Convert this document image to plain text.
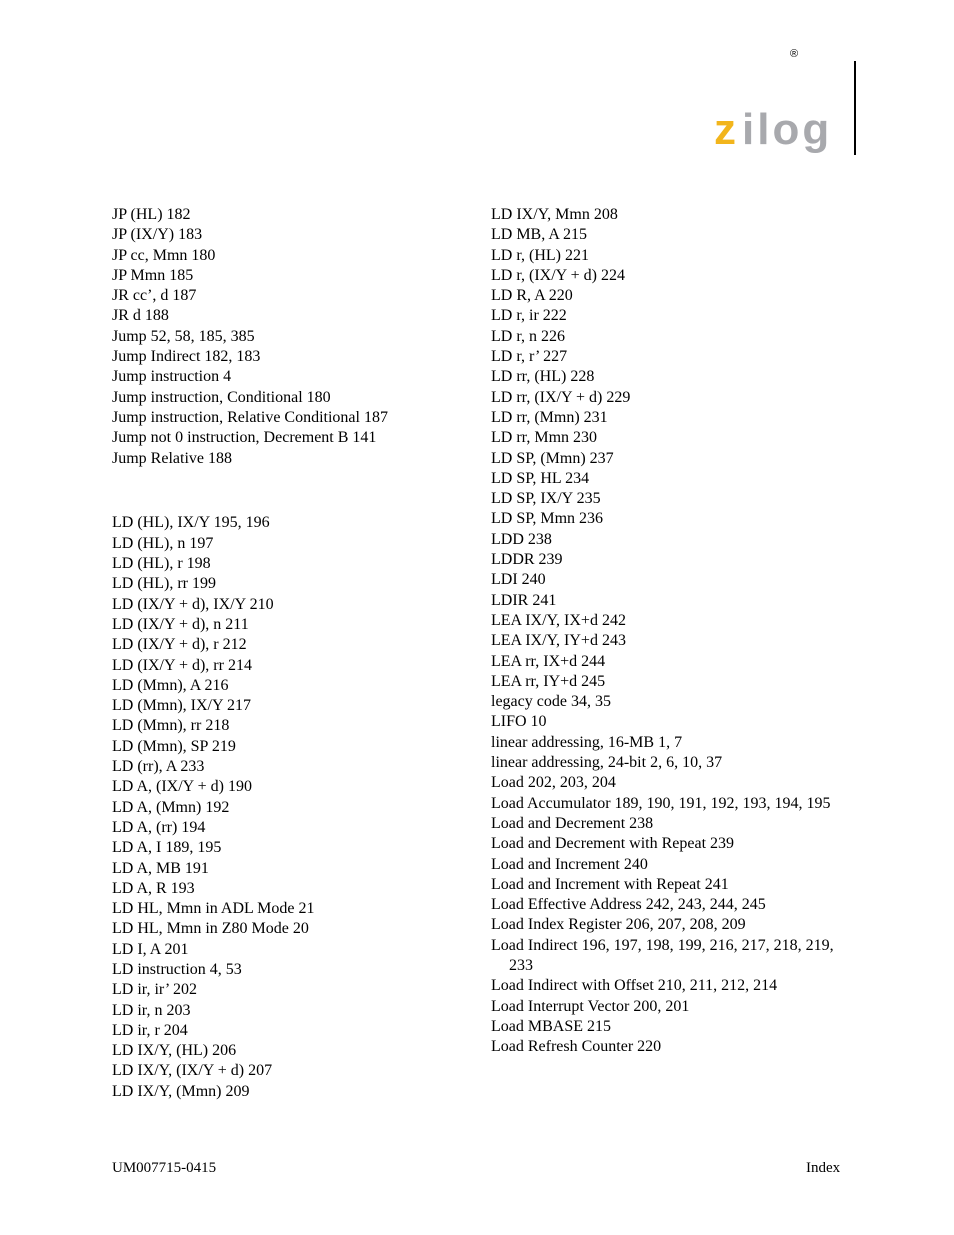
®
z ilog
JP (HL) 182
JP (IX/Y) 183
JP cc, Mmn 180
JP Mmn 185
JR cc’, d 187
JR d 188
Jump 52, 58, 185, 385
Jump Indirect 182, 183
Jump instruction 4
Jump instruction, Conditional 180
Jump instruction, Relative Conditional 187
Jump not 0 instruction, Decrement B 141
Jump Relative 188
LD (HL), IX/Y 195, 196
LD (HL), n 197
LD (HL), r 198
LD (HL), rr 199
LD (IX/Y + d), IX/Y 210
LD (IX/Y + d), n 211
LD (IX/Y + d), r 212
LD (IX/Y + d), rr 214
LD (Mmn), A 216
LD (Mmn), IX/Y 217
LD (Mmn), rr 218
LD (Mmn), SP 219
LD (rr), A 233
LD A, (IX/Y + d) 190
LD A, (Mmn) 192
LD A, (rr) 194
LD A, I 189, 195
LD A, MB 191
LD A, R 193
LD HL, Mmn in ADL Mode 21
LD HL, Mmn in Z80 Mode 20
LD I, A 201
LD instruction 4, 53
LD ir, ir’ 202
LD ir, n 203
LD ir, r 204
LD IX/Y, (HL) 206
LD IX/Y, (IX/Y + d) 207
LD IX/Y, (Mmn) 209
LD IX/Y, Mmn 208
LD MB, A 215
LD r, (HL) 221
LD r, (IX/Y + d) 224
LD R, A 220
LD r, ir 222
LD r, n 226
LD r, r’ 227
LD rr, (HL) 228
LD rr, (IX/Y + d) 229
LD rr, (Mmn) 231
LD rr, Mmn 230
LD SP, (Mmn) 237
LD SP, HL 234
LD SP, IX/Y 235
LD SP, Mmn 236
LDD 238
LDDR 239
LDI 240
LDIR 241
LEA IX/Y, IX+d 242
LEA IX/Y, IY+d 243
LEA rr, IX+d 244
LEA rr, IY+d 245
legacy code 34, 35
LIFO 10
linear addressing, 16-MB 1, 7
linear addressing, 24-bit 2, 6, 10, 37
Load 202, 203, 204
Load Accumulator 189, 190, 191, 192, 193, 194, 195
Load and Decrement 238
Load and Decrement with Repeat 239
Load and Increment 240
Load and Increment with Repeat 241
Load Effective Address 242, 243, 244, 245
Load Index Register 206, 207, 208, 209
Load Indirect 196, 197, 198, 199, 216, 217, 218, 219, 233
Load Indirect with Offset 210, 211, 212, 214
Load Interrupt Vector 200, 201
Load MBASE 215
Load Refresh Counter 220
UM007715-0415	Index
